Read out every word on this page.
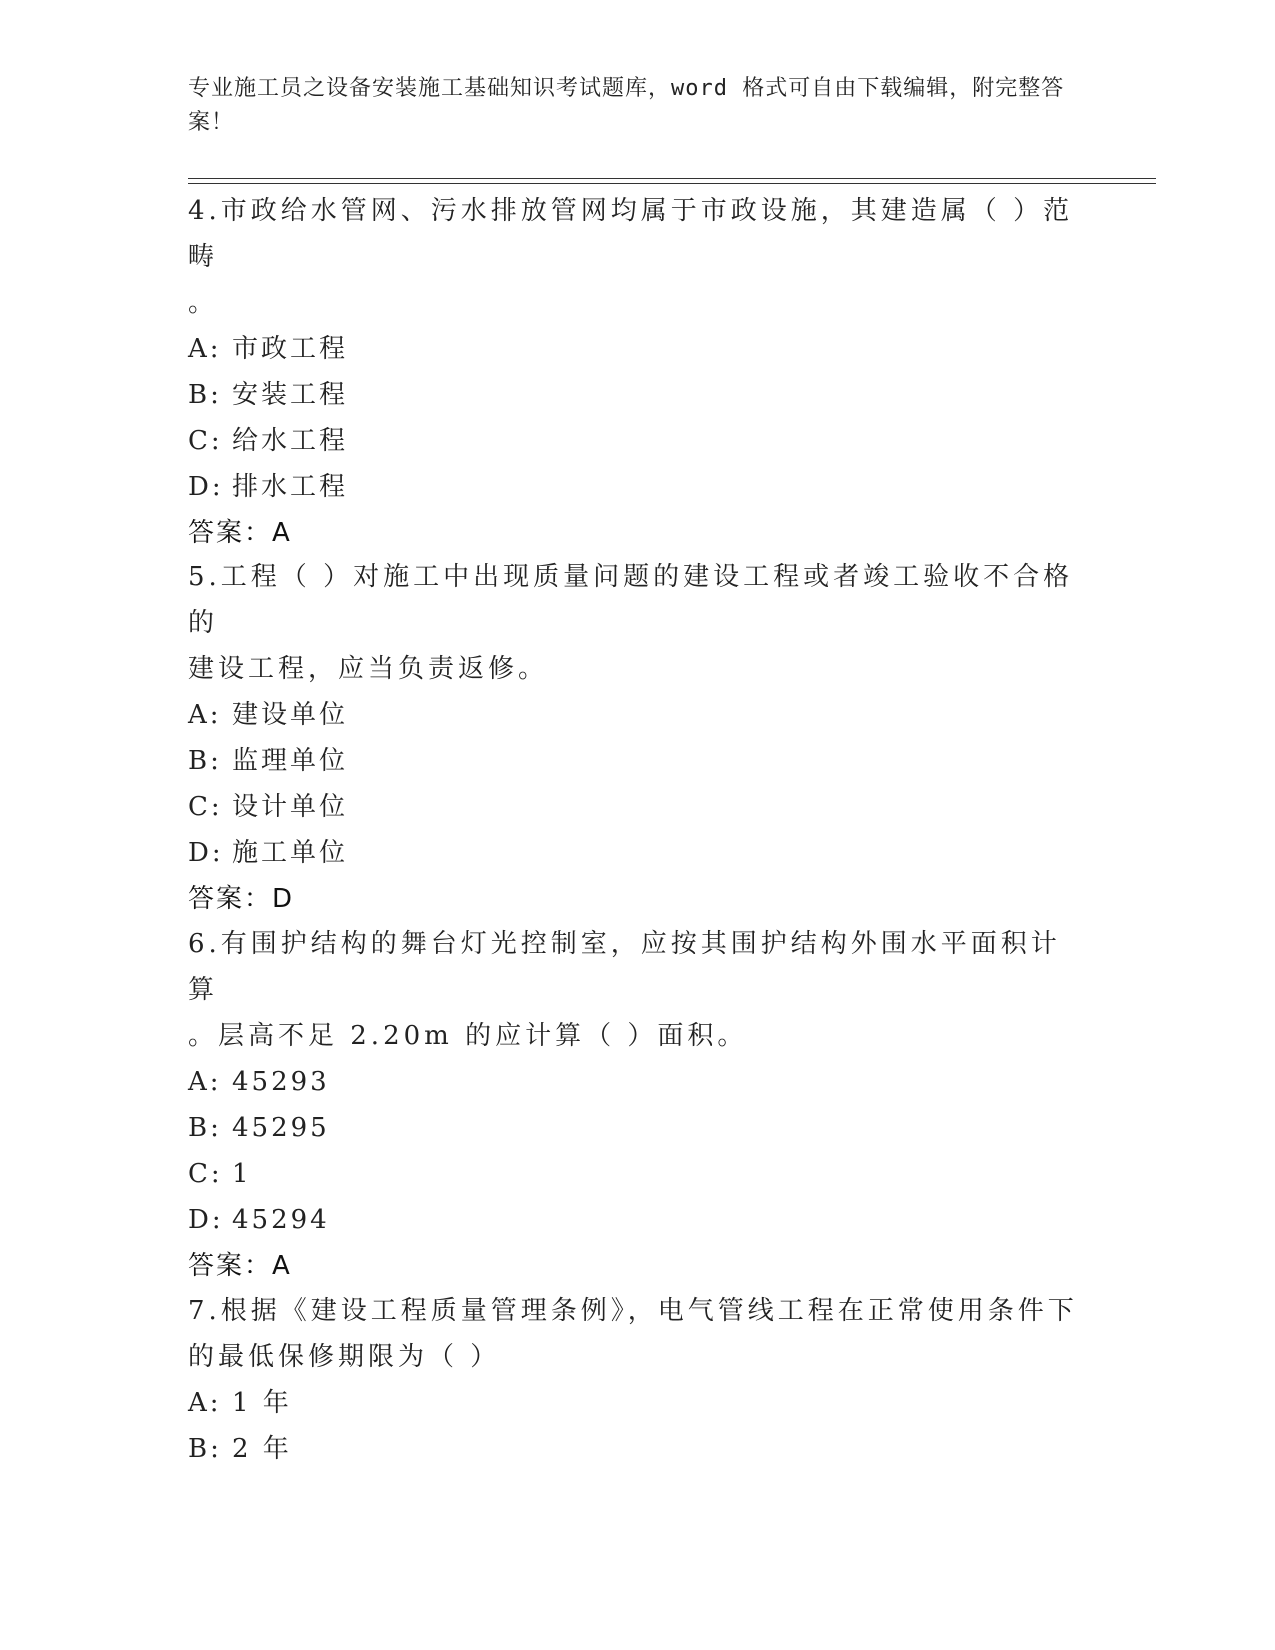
专业施工员之设备安装施工基础知识考试题库，word 格式可自由下载编辑，附完整答案！
4.市政给水管网、污水排放管网均属于市政设施，其建造属（ ）范畴
。
A: 市政工程
B: 安装工程
C: 给水工程
D: 排水工程
答案：A
5.工程（ ）对施工中出现质量问题的建设工程或者竣工验收不合格的
建设工程，应当负责返修。
A: 建设单位
B: 监理单位
C: 设计单位
D: 施工单位
答案：D
6.有围护结构的舞台灯光控制室，应按其围护结构外围水平面积计算
。层高不足 2.20m 的应计算（ ）面积。
A: 45293
B: 45295
C: 1
D: 45294
答案：A
7.根据《建设工程质量管理条例》，电气管线工程在正常使用条件下
的最低保修期限为（ ）
A: 1 年
B: 2 年
